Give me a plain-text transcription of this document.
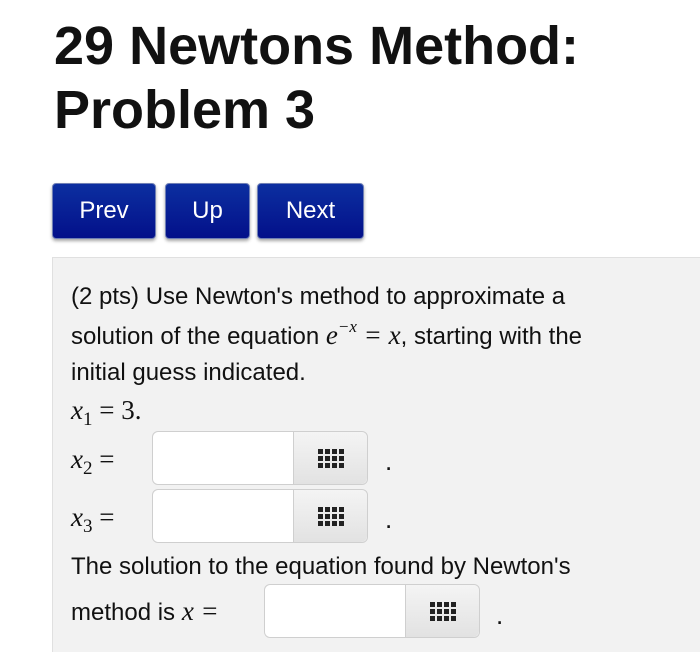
29 Newtons Method:
Problem 3
Prev	Up	Next
(2 pts) Use Newton's method to approximate a
solution of the equation $e^{-x} = x$, starting with the
initial guess indicated.
$x_1 = 3$.
$x_2$ =	.
$x_3$ =	.
The solution to the equation found by Newton's
method is x =	.
